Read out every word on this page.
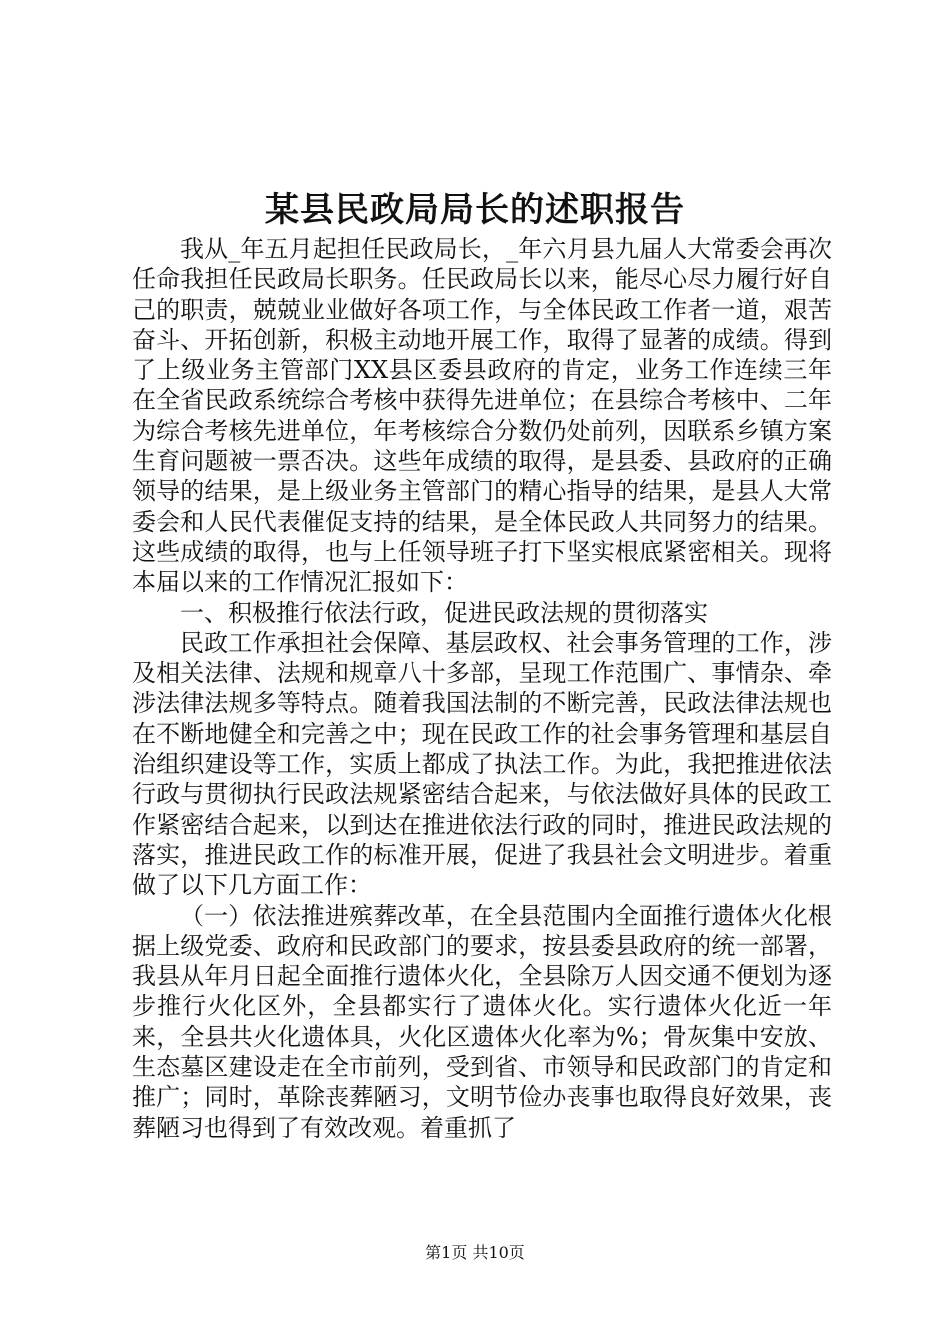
某县民政局局长的述职报告

我从_年五月起担任民政局长，_年六月县九届人大常委会再次任命我担任民政局长职务。任民政局长以来，能尽心尽力履行好自己的职责，兢兢业业做好各项工作，与全体民政工作者一道，艰苦奋斗、开拓创新，积极主动地开展工作，取得了显著的成绩。得到了上级业务主管部门XX县区委县政府的肯定，业务工作连续三年在全省民政系统综合考核中获得先进单位；在县综合考核中、二年为综合考核先进单位，年考核综合分数仍处前列，因联系乡镇方案生育问题被一票否决。这些年成绩的取得，是县委、县政府的正确领导的结果，是上级业务主管部门的精心指导的结果，是县人大常委会和人民代表催促支持的结果，是全体民政人共同努力的结果。这些成绩的取得，也与上任领导班子打下坚实根底紧密相关。现将本届以来的工作情况汇报如下：

一、积极推行依法行政，促进民政法规的贯彻落实

民政工作承担社会保障、基层政权、社会事务管理的工作，涉及相关法律、法规和规章八十多部，呈现工作范围广、事情杂、牵涉法律法规多等特点。随着我国法制的不断完善，民政法律法规也在不断地健全和完善之中；现在民政工作的社会事务管理和基层自治组织建设等工作，实质上都成了执法工作。为此，我把推进依法行政与贯彻执行民政法规紧密结合起来，与依法做好具体的民政工作紧密结合起来，以到达在推进依法行政的同时，推进民政法规的落实，推进民政工作的标准开展，促进了我县社会文明进步。着重做了以下几方面工作：

（一）依法推进殡葬改革，在全县范围内全面推行遗体火化根据上级党委、政府和民政部门的要求，按县委县政府的统一部署，我县从年月日起全面推行遗体火化，全县除万人因交通不便划为逐步推行火化区外，全县都实行了遗体火化。实行遗体火化近一年来，全县共火化遗体具，火化区遗体火化率为%；骨灰集中安放、生态墓区建设走在全市前列，受到省、市领导和民政部门的肯定和推广；同时，革除丧葬陋习，文明节俭办丧事也取得良好效果，丧葬陋习也得到了有效改观。着重抓了

第1页 共10页
